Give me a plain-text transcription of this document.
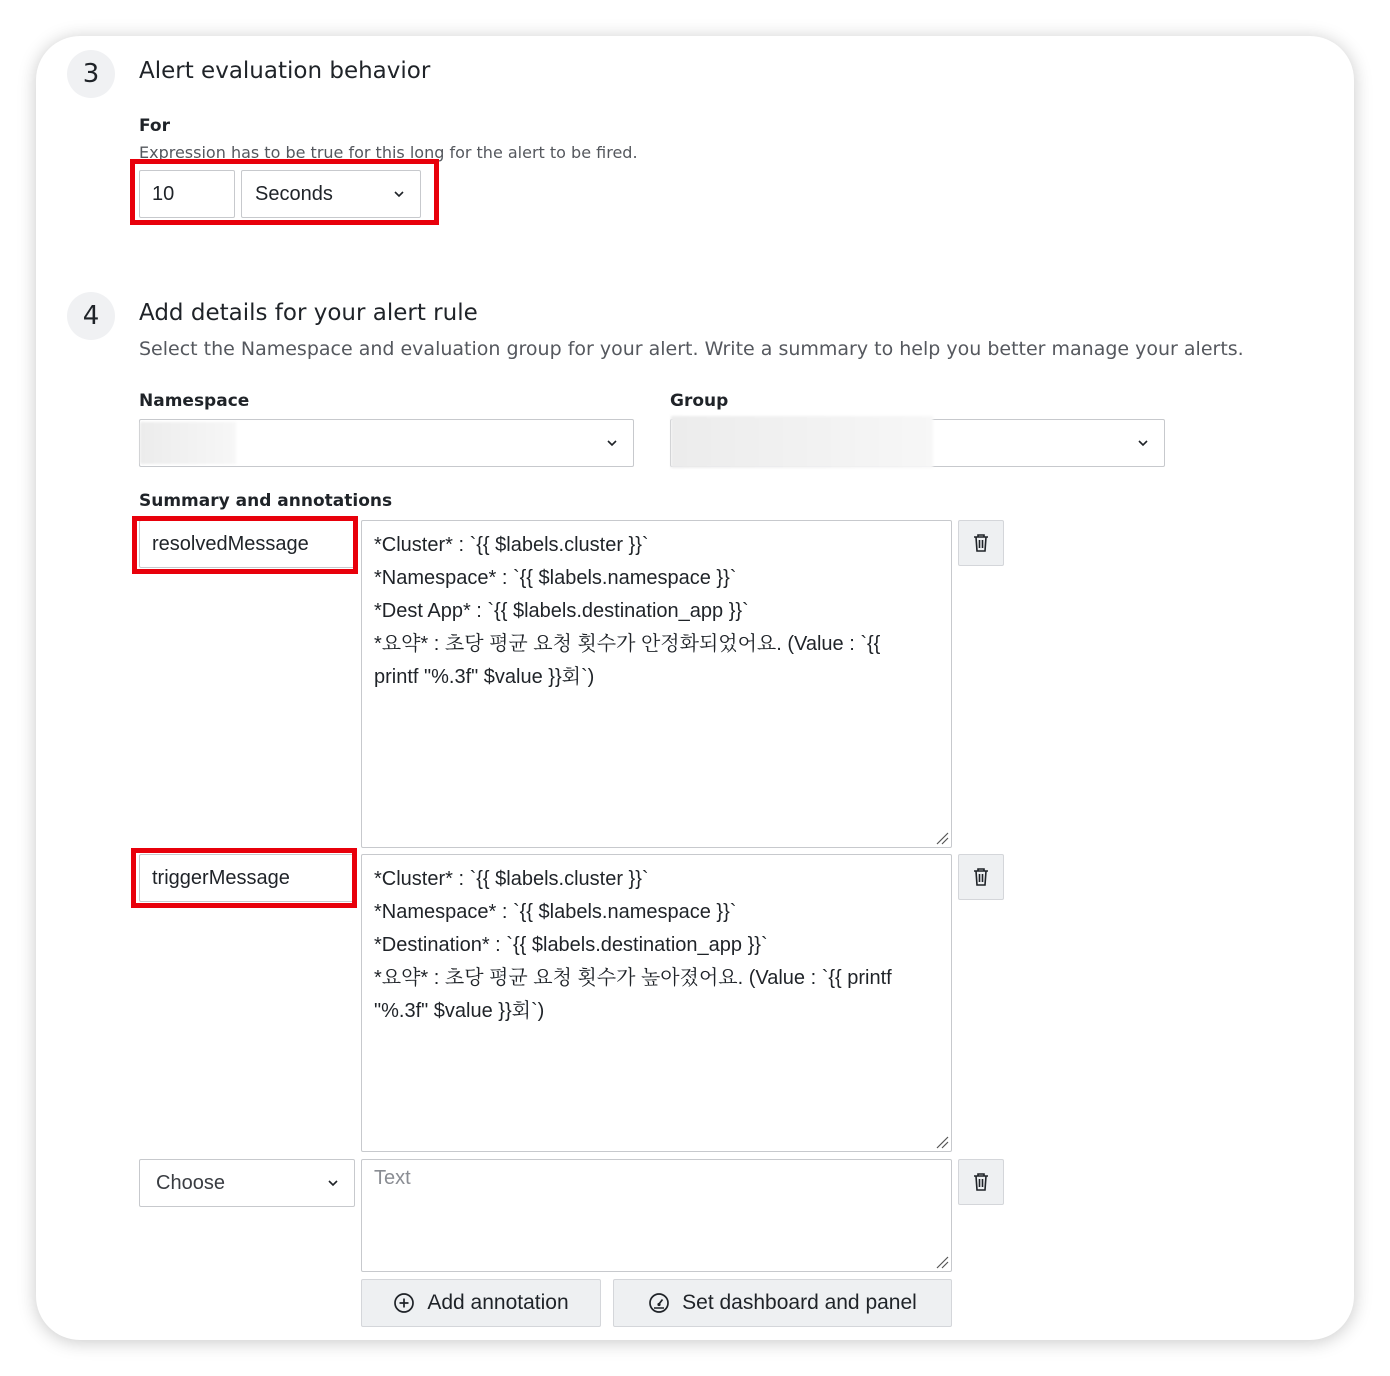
3 Alert evaluation behavior
For
Expression has to be true for this long for the alert to be fired.
10	Seconds
4 Add details for your alert rule
Select the Namespace and evaluation group for your alert. Write a summary to help you better manage your alerts.
Namespace	Group
Summary and annotations
resolvedMessage	*Cluster* : `{{ $labels.cluster }}`
*Namespace* : `{{ $labels.namespace }}`
*Dest App* : `{{ $labels.destination_app }}`
*요약* : 초당 평균 요청 횟수가 안정화되었어요. (Value : `{{
printf "%.3f" $value }}회`)
triggerMessage	*Cluster* : `{{ $labels.cluster }}`
*Namespace* : `{{ $labels.namespace }}`
*Destination* : `{{ $labels.destination_app }}`
*요약* : 초당 평균 요청 횟수가 높아졌어요. (Value : `{{ printf
"%.3f" $value }}회`)
Choose	Text
Add annotation	Set dashboard and panel
